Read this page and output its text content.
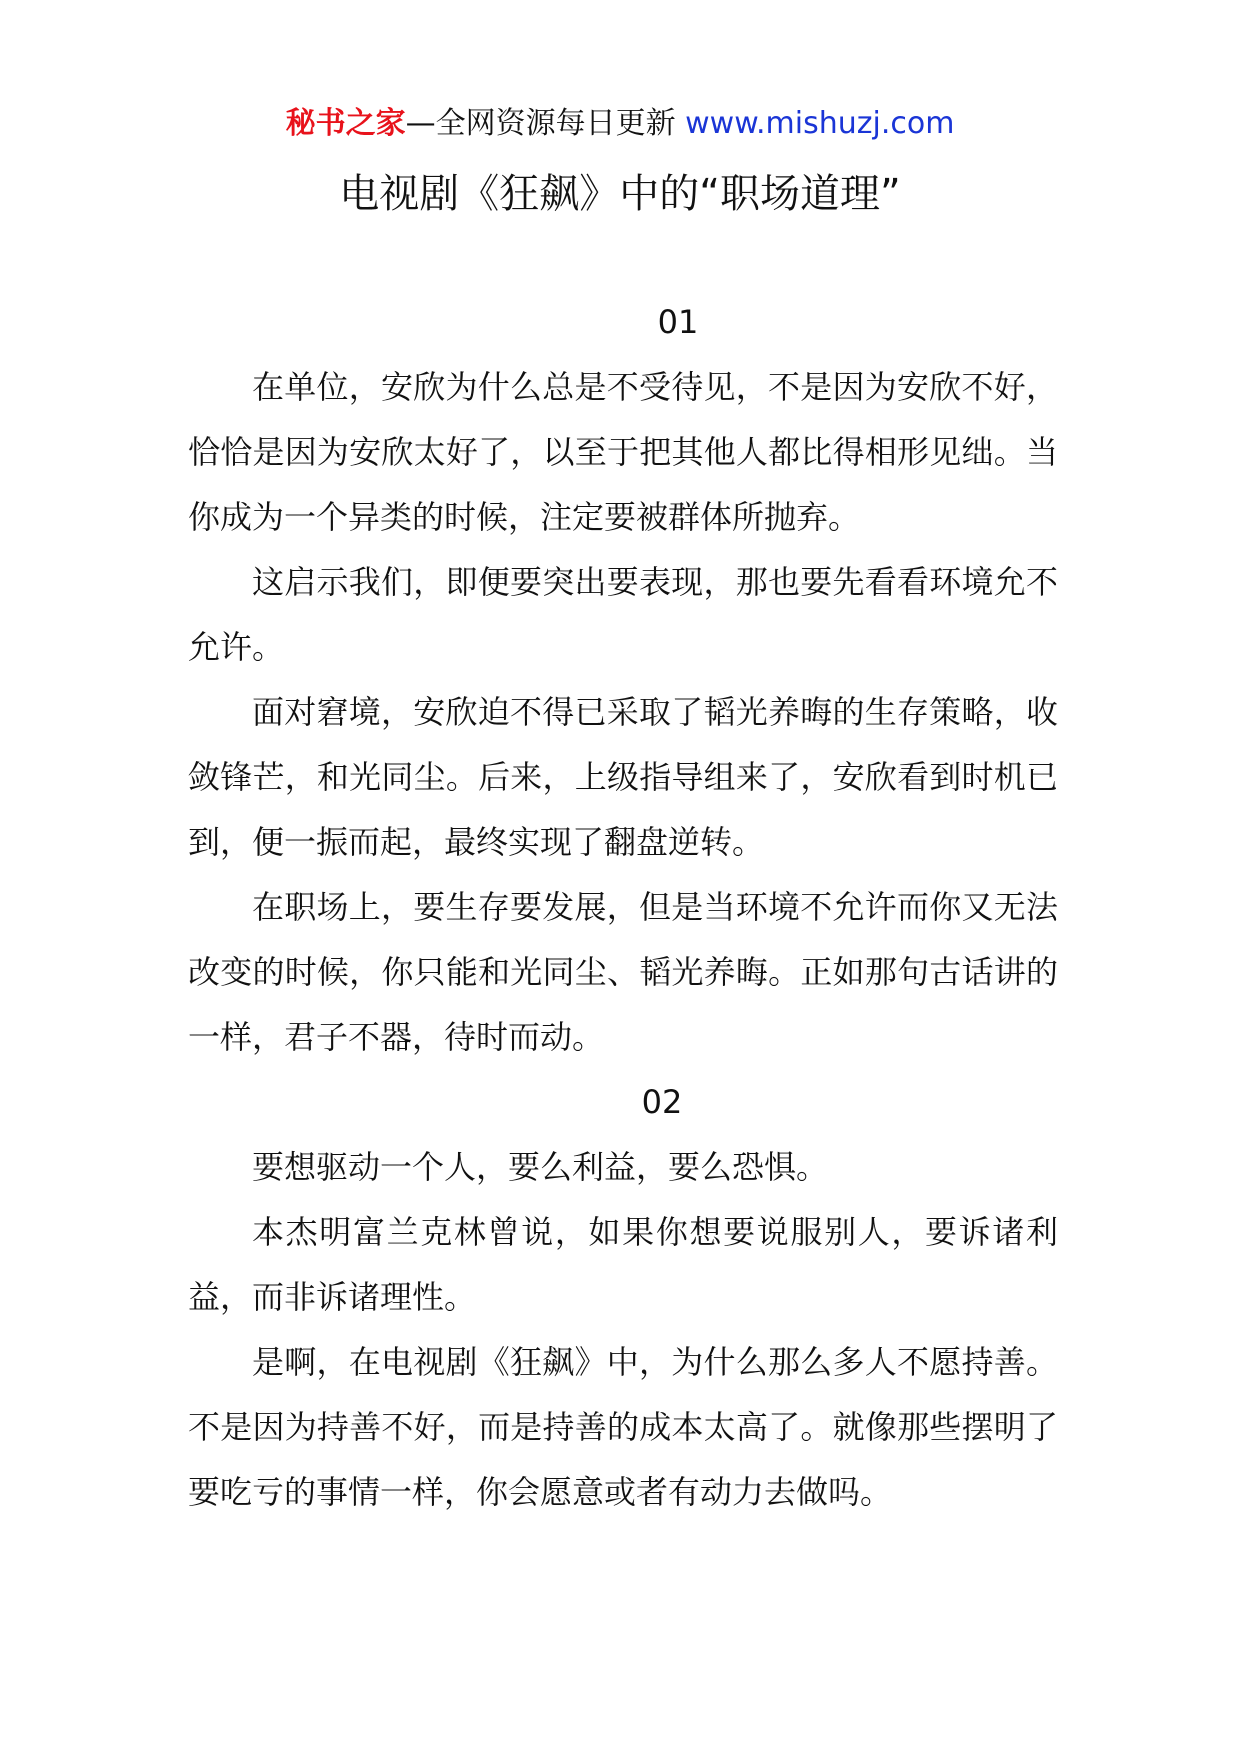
秘书之家—全网资源每日更新 www.mishuzj.com
电视剧《狂飙》中的“职场道理”
01

在单位，安欣为什么总是不受待见，不是因为安欣不好，恰恰是因为安欣太好了，以至于把其他人都比得相形见绌。当你成为一个异类的时候，注定要被群体所抛弃。

这启示我们，即便要突出要表现，那也要先看看环境允不允许。

面对窘境，安欣迫不得已采取了韬光养晦的生存策略，收敛锋芒，和光同尘。后来，上级指导组来了，安欣看到时机已到，便一振而起，最终实现了翻盘逆转。

在职场上，要生存要发展，但是当环境不允许而你又无法改变的时候，你只能和光同尘、韬光养晦。正如那句古话讲的一样，君子不器，待时而动。

02

要想驱动一个人，要么利益，要么恐惧。

本杰明富兰克林曾说，如果你想要说服别人，要诉诸利益，而非诉诸理性。

是啊，在电视剧《狂飙》中，为什么那么多人不愿持善。不是因为持善不好，而是持善的成本太高了。就像那些摆明了要吃亏的事情一样，你会愿意或者有动力去做吗。
